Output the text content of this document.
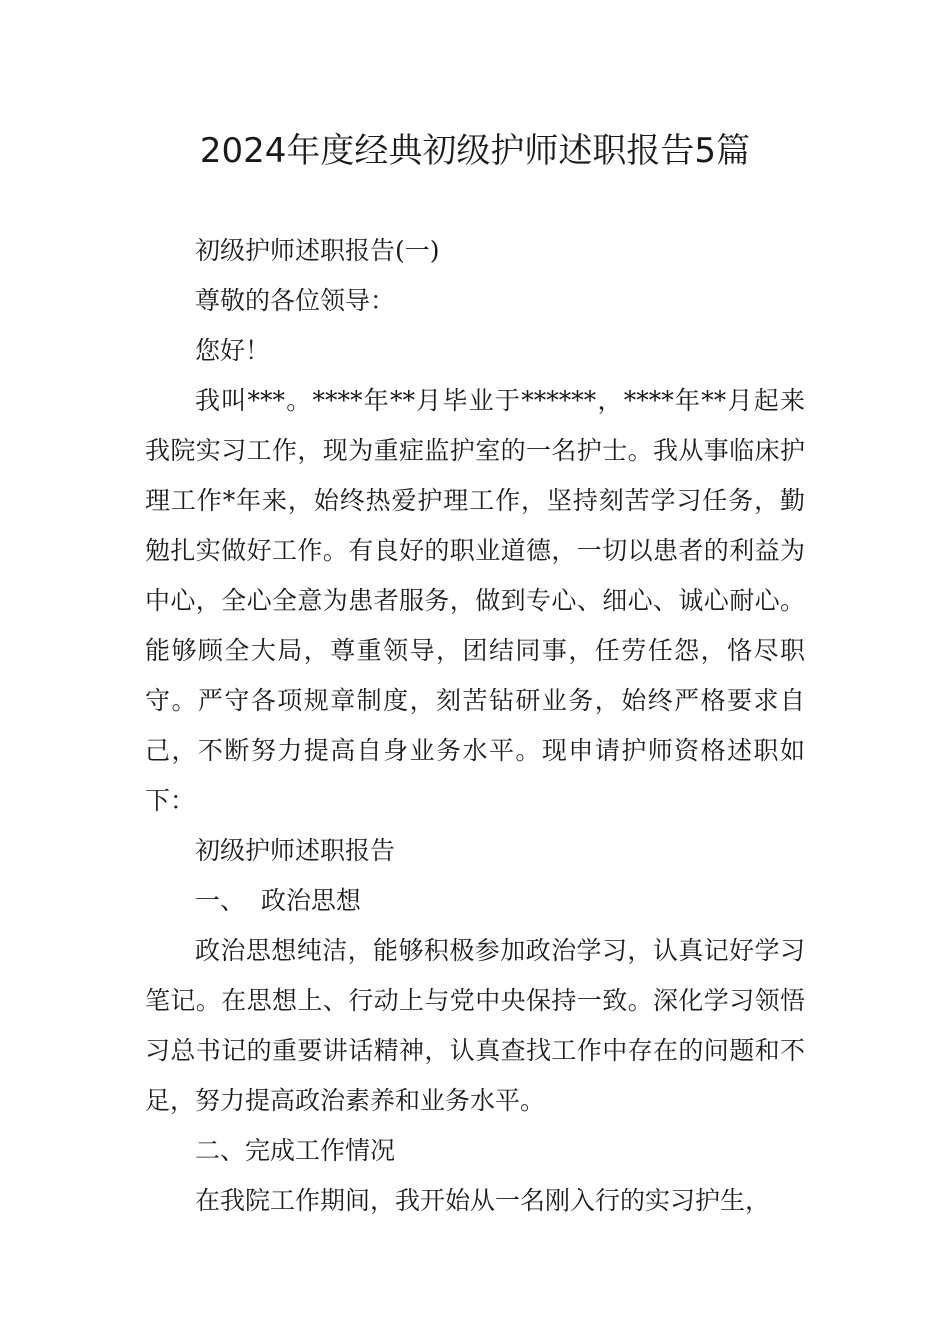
2024年度经典初级护师述职报告5篇

初级护师述职报告(一)

尊敬的各位领导：

您好！

我叫***。****年**月毕业于******，****年**月起来我院实习工作，现为重症监护室的一名护士。我从事临床护理工作*年来，始终热爱护理工作，坚持刻苦学习任务，勤勉扎实做好工作。有良好的职业道德，一切以患者的利益为中心，全心全意为患者服务，做到专心、细心、诚心耐心。能够顾全大局，尊重领导，团结同事，任劳任怨，恪尽职守。严守各项规章制度，刻苦钻研业务，始终严格要求自己，不断努力提高自身业务水平。现申请护师资格述职如下：

初级护师述职报告

一、  政治思想

政治思想纯洁，能够积极参加政治学习，认真记好学习笔记。在思想上、行动上与党中央保持一致。深化学习领悟习总书记的重要讲话精神，认真查找工作中存在的问题和不足，努力提高政治素养和业务水平。

二、完成工作情况

在我院工作期间，我开始从一名刚入行的实习护生，
